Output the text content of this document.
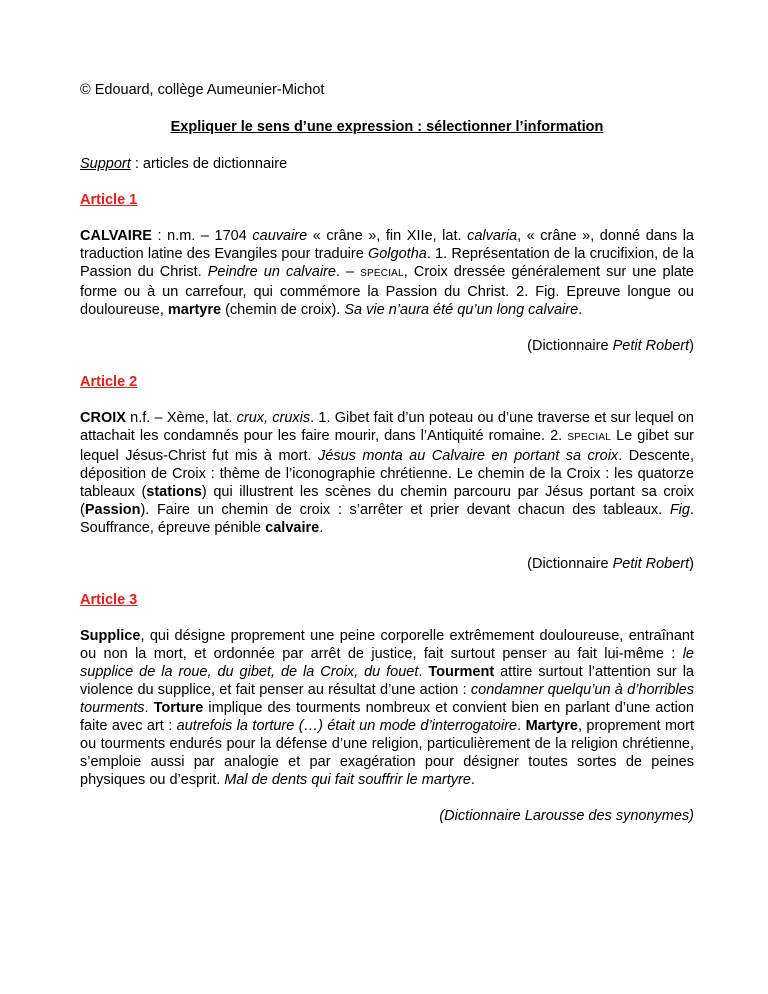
© Edouard, collège Aumeunier-Michot

Expliquer le sens d’une expression : sélectionner l’information

Support : articles de dictionnaire

Article 1

CALVAIRE : n.m. – 1704 cauvaire « crâne », fin XIIe, lat. calvaria, « crâne », donné dans la traduction latine des Evangiles pour traduire Golgotha. 1. Représentation de la crucifixion, de la Passion du Christ. Peindre un calvaire. – SPECIAL, Croix dressée généralement sur une plate forme ou à un carrefour, qui commémore la Passion du Christ. 2. Fig. Epreuve longue ou douloureuse, martyre (chemin de croix). Sa vie n’aura été qu’un long calvaire.

(Dictionnaire Petit Robert)

Article 2

CROIX n.f. – Xème, lat. crux, cruxis. 1. Gibet fait d’un poteau ou d’une traverse et sur lequel on attachait les condamnés pour les faire mourir, dans l’Antiquité romaine. 2. SPECIAL Le gibet sur lequel Jésus-Christ fut mis à mort. Jésus monta au Calvaire en portant sa croix. Descente, déposition de Croix : thème de l’iconographie chrétienne. Le chemin de la Croix : les quatorze tableaux (stations) qui illustrent les scènes du chemin parcouru par Jésus portant sa croix (Passion). Faire un chemin de croix : s’arrêter et prier devant chacun des tableaux. Fig. Souffrance, épreuve pénible calvaire.

(Dictionnaire Petit Robert)

Article 3

Supplice, qui désigne proprement une peine corporelle extrêmement douloureuse, entraînant ou non la mort, et ordonnée par arrêt de justice, fait surtout penser au fait lui-même : le supplice de la roue, du gibet, de la Croix, du fouet. Tourment attire surtout l’attention sur la violence du supplice, et fait penser au résultat d’une action : condamner quelqu’un à d’horribles tourments. Torture implique des tourments nombreux et convient bien en parlant d’une action faite avec art : autrefois la torture (…) était un mode d’interrogatoire. Martyre, proprement mort ou tourments endurés pour la défense d’une religion, particulièrement de la religion chrétienne, s’emploie aussi par analogie et par exagération pour désigner toutes sortes de peines physiques ou d’esprit. Mal de dents qui fait souffrir le martyre.

(Dictionnaire Larousse des synonymes)
